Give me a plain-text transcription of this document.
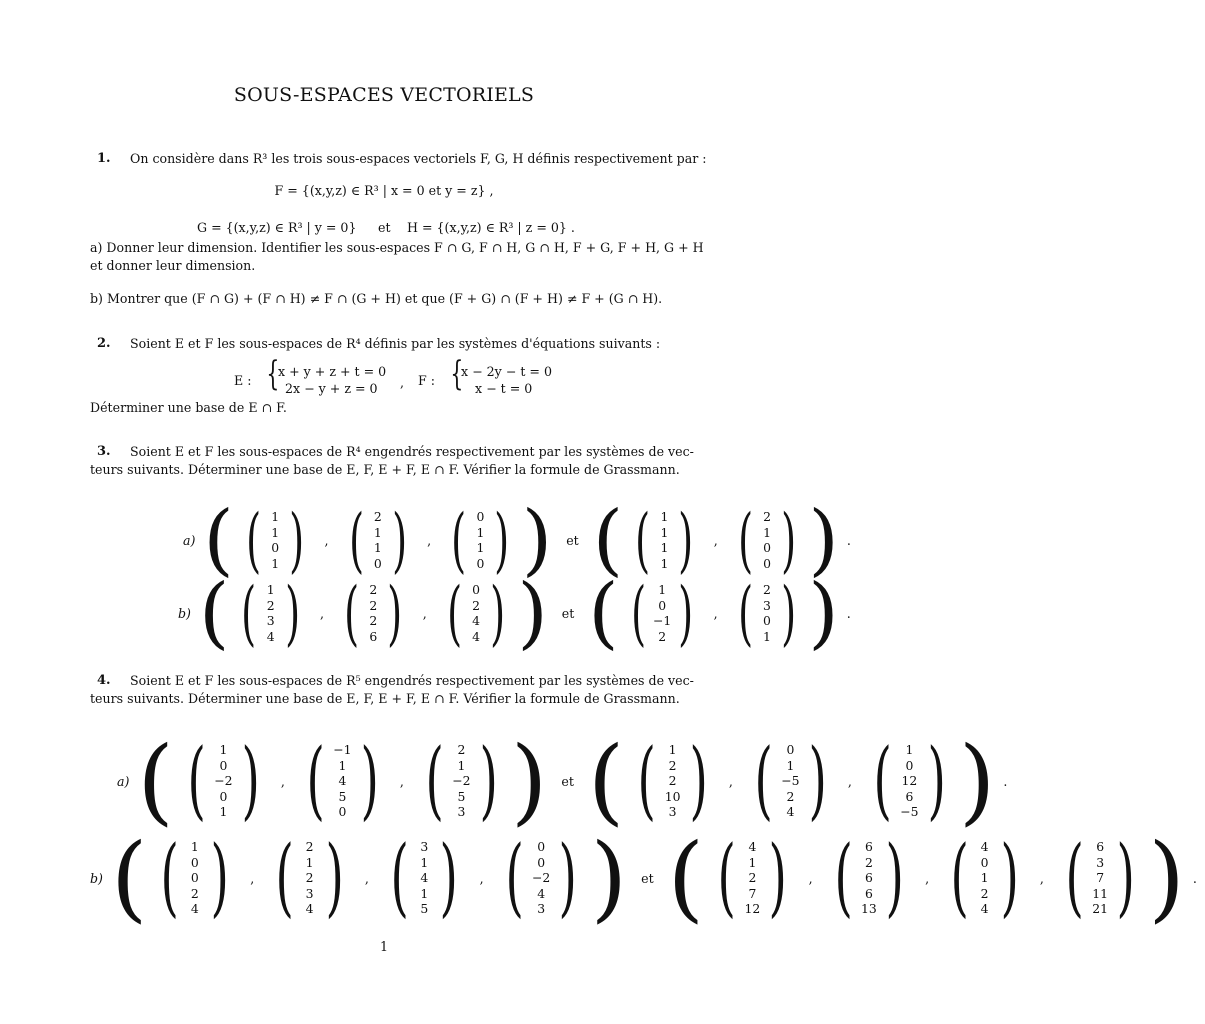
SOUS-ESPACES VECTORIELS
1. On considère dans R³ les trois sous-espaces vectoriels F, G, H définis respectivement par :
F = {(x,y,z) ∈ R³ | x = 0 et y = z} ,
G = {(x,y,z) ∈ R³ | y = 0} et H = {(x,y,z) ∈ R³ | z = 0} .
a) Donner leur dimension. Identifier les sous-espaces F ∩ G, F ∩ H, G ∩ H, F + G, F + H, G + H
et donner leur dimension.
b) Montrer que (F ∩ G) + (F ∩ H) ≠ F ∩ (G + H) et que (F + G) ∩ (F + H) ≠ F + (G ∩ H).
2. Soient E et F les sous-espaces de R⁴ définis par les systèmes d'équations suivants :
E : {
x + y + z + t = 0
2x − y + z = 0 , F : {
x − 2y − t = 0
x − t = 0
Déterminer une base de E ∩ F.
3. Soient E et F les sous-espaces de R⁴ engendrés respectivement par les systèmes de vec-
teurs suivants. Déterminer une base de E, F, E + F, E ∩ F. Vérifier la formule de Grassmann.
a) ( ( 1
1
0
1 ) , ( 2
1
1
0 ) , ( 0
1
1
0 ) ) et ( ( 1
1
1
1 ) , ( 2
1
0
0 ) ) .
b) ( ( 1
2
3
4 ) , ( 2
2
2
6 ) , ( 0
2
4
4 ) ) et ( ( 1
0
−1
2 ) , ( 2
3
0
1 ) ) .
4. Soient E et F les sous-espaces de R⁵ engendrés respectivement par les systèmes de vec-
teurs suivants. Déterminer une base de E, F, E + F, E ∩ F. Vérifier la formule de Grassmann.
a) ( ( 1
0
−2
0
1 ) , ( −1
1
4
5
0 ) , ( 2
1
−2
5
3 ) ) et ( ( 1
2
2
10
3 ) , ( 0
1
−5
2
4 ) , ( 1
0
12
6
−5 ) ) .
b) ( ( 1
0
0
2
4 ) , ( 2
1
2
3
4 ) , ( 3
1
4
1
5 ) , ( 0
0
−2
4
3 ) ) et ( ( 4
1
2
7
12 ) , ( 6
2
6
6
13 ) , ( 4
0
1
2
4 ) , ( 6
3
7
11
21 ) ) .
1
